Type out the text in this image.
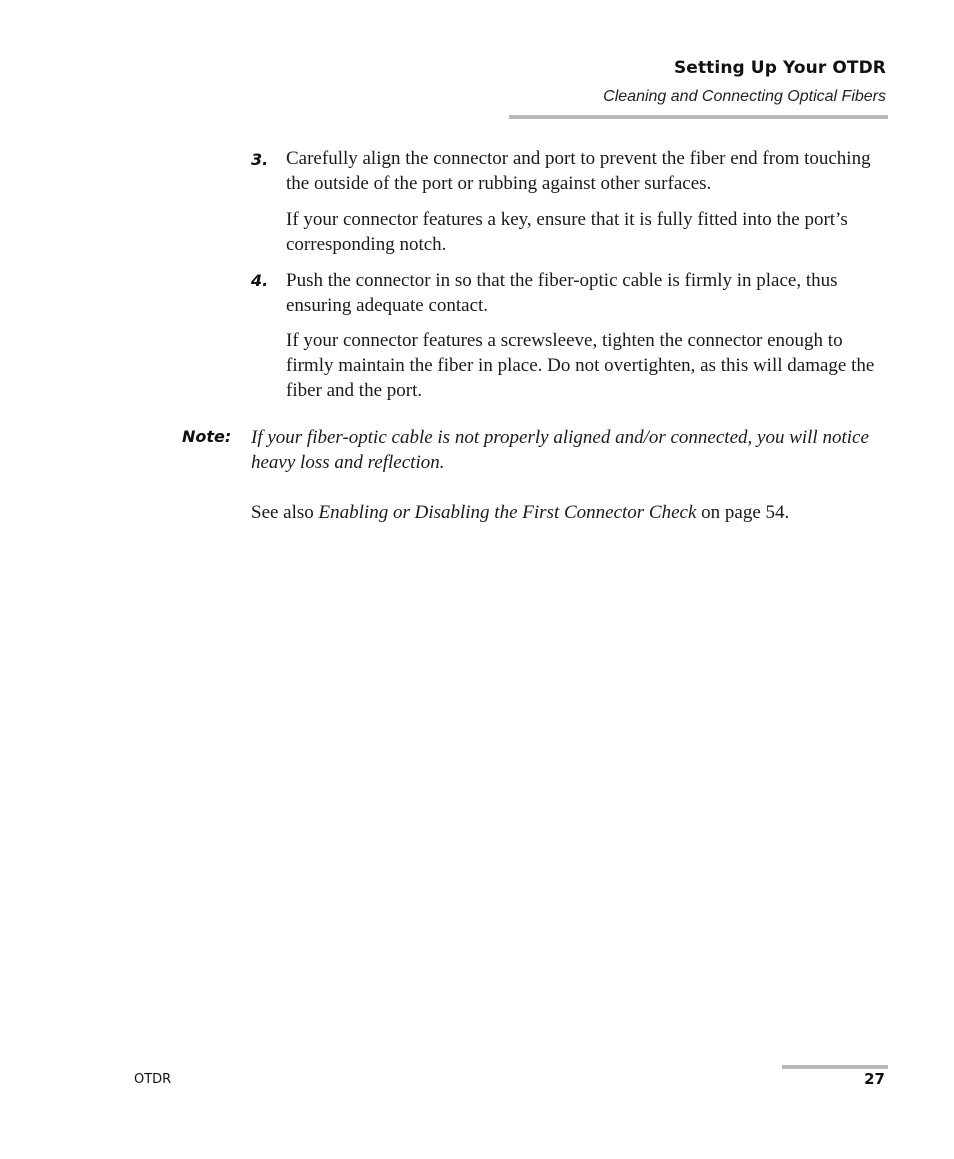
Setting Up Your OTDR
Cleaning and Connecting Optical Fibers
3. Carefully align the connector and port to prevent the fiber end from touching the outside of the port or rubbing against other surfaces.
If your connector features a key, ensure that it is fully fitted into the port’s corresponding notch.
4. Push the connector in so that the fiber-optic cable is firmly in place, thus ensuring adequate contact.
If your connector features a screwsleeve, tighten the connector enough to firmly maintain the fiber in place. Do not overtighten, as this will damage the fiber and the port.
Note: If your fiber-optic cable is not properly aligned and/or connected, you will notice heavy loss and reflection.
See also Enabling or Disabling the First Connector Check on page 54.
OTDR	27
